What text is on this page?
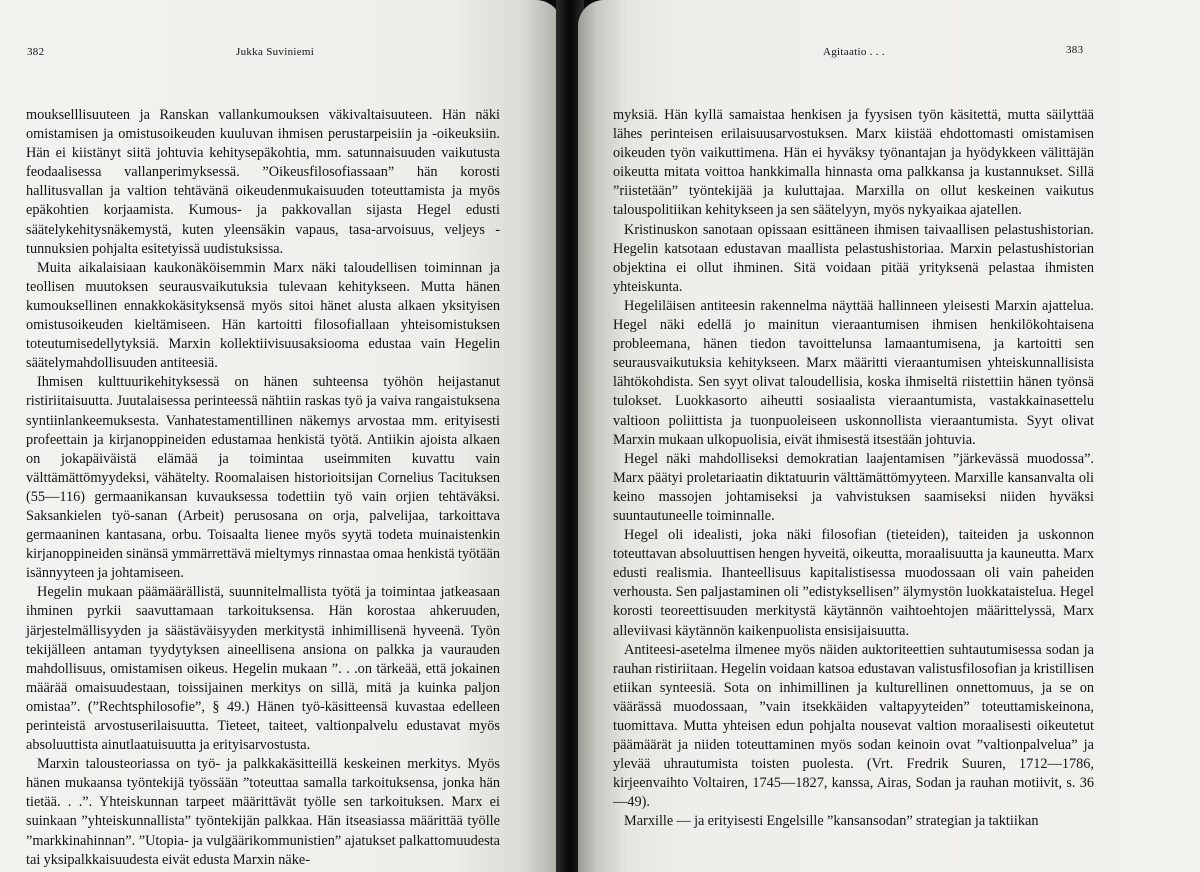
382	Jukka Suviniemi

moukselllisuuteen ja Ranskan vallankumouksen väkivaltaisuuteen. Hän näki omistamisen ja omistusoikeuden kuuluvan ihmisen perustarpeisiin ja -oikeuksiin. Hän ei kiistänyt siitä johtuvia kehitysepäkohtia, mm. satunnaisuuden vaikutusta feodaalisessa vallanperimyksessä. ”Oikeusfilosofiassaan” hän korosti hallitusvallan ja valtion tehtävänä oikeudenmukaisuuden toteuttamista ja myös epäkohtien korjaamista. Kumous- ja pakkovallan sijasta Hegel edusti säätelykehitysnäkemystä, kuten yleensäkin vapaus, tasa-arvoisuus, veljeys -tunnuksien pohjalta esitetyissä uudistuksissa.

Muita aikalaisiaan kaukonäköisemmin Marx näki taloudellisen toiminnan ja teollisen muutoksen seurausvaikutuksia tulevaan kehitykseen. Mutta hänen kumouksellinen ennakkokäsityksensä myös sitoi hänet alusta alkaen yksityisen omistusoikeuden kieltämiseen. Hän kartoitti filosofiallaan yhteisomistuksen toteutumisedellytyksiä. Marxin kollektiivisuusaksiooma edustaa vain Hegelin säätelymahdollisuuden antiteesiä.

Ihmisen kulttuurikehityksessä on hänen suhteensa työhön heijastanut ristiriitaisuutta. Juutalaisessa perinteessä nähtiin raskas työ ja vaiva rangaistuksena syntiinlankeemuksesta. Vanhatestamentillinen näkemys arvostaa mm. erityisesti profeettain ja kirjanoppineiden edustamaa henkistä työtä. Antiikin ajoista alkaen on jokapäiväistä elämää ja toimintaa useimmiten kuvattu vain välttämättömyydeksi, vähätelty. Roomalaisen historioitsijan Cornelius Tacituksen (55—116) germaanikansan kuvauksessa todettiin työ vain orjien tehtäväksi. Saksankielen työ-sanan (Arbeit) perusosana on orja, palvelijaa, tarkoittava germaaninen kantasana, orbu. Toisaalta lienee myös syytä todeta muinaistenkin kirjanoppineiden sinänsä ymmärrettävä mieltymys rinnastaa omaa henkistä työtään isännyyteen ja johtamiseen.

Hegelin mukaan päämäärällistä, suunnitelmallista työtä ja toimintaa jatkeasaan ihminen pyrkii saavuttamaan tarkoituksensa. Hän korostaa ahkeruuden, järjestelmällisyyden ja säästäväisyyden merkitystä inhimillisenä hyveenä. Työn tekijälleen antaman tyydytyksen aineellisena ansiona on palkka ja vaurauden mahdollisuus, omistamisen oikeus. Hegelin mukaan ”. . .on tärkeää, että jokainen määrää omaisuudestaan, toissijainen merkitys on sillä, mitä ja kuinka paljon omistaa”. (”Rechtsphilosofie”, § 49.) Hänen työ-käsitteensä kuvastaa edelleen perinteistä arvostuserilaisuutta. Tieteet, taiteet, valtionpalvelu edustavat myös absoluuttista ainutlaatuisuutta ja erityisarvostusta.

Marxin talousteoriassa on työ- ja palkkakäsitteillä keskeinen merkitys. Myös hänen mukaansa työntekijä työssään ”toteuttaa samalla tarkoituksensa, jonka hän tietää. . .”. Yhteiskunnan tarpeet määrittävät työlle sen tarkoituksen. Marx ei suinkaan ”yhteiskunnallista” työntekijän palkkaa. Hän itseasiassa määrittää työlle ”markkinahinnan”. ”Utopia- ja vulgäärikommunistien” ajatukset palkattomuudesta tai yksipalkkaisuudesta eivät edusta Marxin näke-

Agitaatio . . .	383

myksiä. Hän kyllä samaistaa henkisen ja fyysisen työn käsitettä, mutta säilyttää lähes perinteisen erilaisuusarvostuksen. Marx kiistää ehdottomasti omistamisen oikeuden työn vaikuttimena. Hän ei hyväksy työnantajan ja hyödykkeen välittäjän oikeutta mitata voittoa hankkimalla hinnasta oma palkkansa ja kustannukset. Sillä ”riistetään” työntekijää ja kuluttajaa. Marxilla on ollut keskeinen vaikutus talouspolitiikan kehitykseen ja sen säätelyyn, myös nykyaikaa ajatellen.

Kristinuskon sanotaan opissaan esittäneen ihmisen taivaallisen pelastushistorian. Hegelin katsotaan edustavan maallista pelastushistoriaa. Marxin pelastushistorian objektina ei ollut ihminen. Sitä voidaan pitää yrityksenä pelastaa ihmisten yhteiskunta.

Hegeliläisen antiteesin rakennelma näyttää hallinneen yleisesti Marxin ajattelua. Hegel näki edellä jo mainitun vieraantumisen ihmisen henkilökohtaisena probleemana, hänen tiedon tavoittelunsa lamaantumisena, ja kartoitti sen seurausvaikutuksia kehitykseen. Marx määritti vieraantumisen yhteiskunnallisista lähtökohdista. Sen syyt olivat taloudellisia, koska ihmiseltä riistettiin hänen työnsä tulokset. Luokkasorto aiheutti sosiaalista vieraantumista, vastakkainasettelu valtioon poliittista ja tuonpuoleiseen uskonnollista vieraantumista. Syyt olivat Marxin mukaan ulkopuolisia, eivät ihmisestä itsestään johtuvia.

Hegel näki mahdolliseksi demokratian laajentamisen ”järkevässä muodossa”. Marx päätyi proletariaatin diktatuurin välttämättömyyteen. Marxille kansanvalta oli keino massojen johtamiseksi ja vahvistuksen saamiseksi niiden hyväksi suuntautuneelle toiminnalle.

Hegel oli idealisti, joka näki filosofian (tieteiden), taiteiden ja uskonnon toteuttavan absoluuttisen hengen hyveitä, oikeutta, moraalisuutta ja kauneutta. Marx edusti realismia. Ihanteellisuus kapitalistisessa muodossaan oli vain paheiden verhousta. Sen paljastaminen oli ”edistyksellisen” älymystön luokkataistelua. Hegel korosti teoreettisuuden merkitystä käytännön vaihtoehtojen määrittelyssä, Marx alleviivasi käytännön kaikenpuolista ensisijaisuutta.

Antiteesi-asetelma ilmenee myös näiden auktoriteettien suhtautumisessa sodan ja rauhan ristiriitaan. Hegelin voidaan katsoa edustavan valistusfilosofian ja kristillisen etiikan synteesiä. Sota on inhimillinen ja kulturellinen onnettomuus, ja se on väärässä muodossaan, ”vain itsekkäiden valtapyyteiden” toteuttamiskeinona, tuomittava. Mutta yhteisen edun pohjalta nousevat valtion moraalisesti oikeutetut päämäärät ja niiden toteuttaminen myös sodan keinoin ovat ”valtionpalvelua” ja ylevää uhrautumista toisten puolesta. (Vrt. Fredrik Suuren, 1712—1786, kirjeenvaihto Voltairen, 1745—1827, kanssa, Airas, Sodan ja rauhan motiivit, s. 36—49).

Marxille — ja erityisesti Engelsille ”kansansodan” strategian ja taktiikan
